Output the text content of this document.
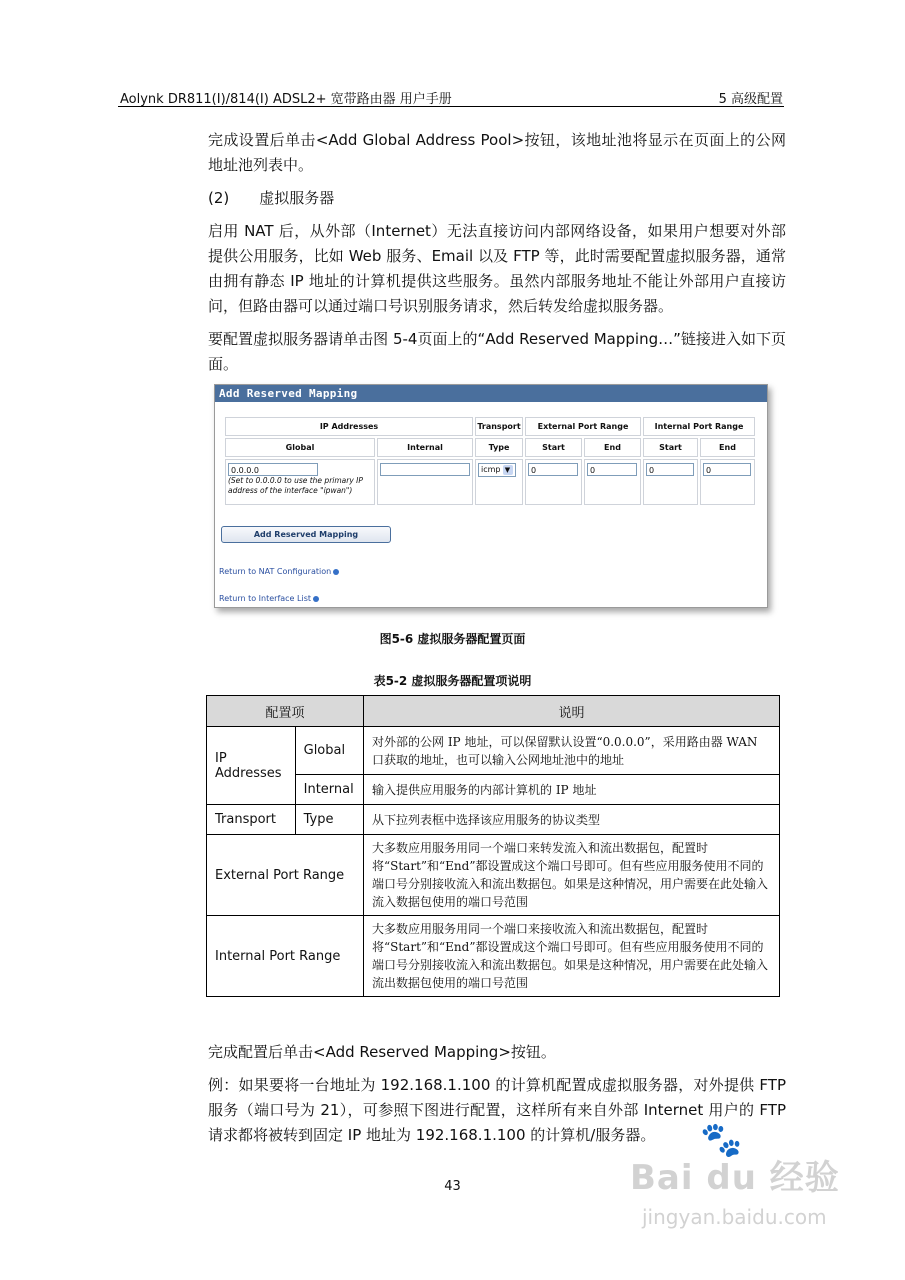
Aolynk DR811(I)/814(I) ADSL2+ 宽带路由器 用户手册	5 高级配置

完成设置后单击<Add Global Address Pool>按钮，该地址池将显示在页面上的公网地址池列表中。

(2)　　虚拟服务器

启用 NAT 后，从外部（Internet）无法直接访问内部网络设备，如果用户想要对外部提供公用服务，比如 Web 服务、Email 以及 FTP 等，此时需要配置虚拟服务器，通常由拥有静态 IP 地址的计算机提供这些服务。虽然内部服务地址不能让外部用户直接访问，但路由器可以通过端口号识别服务请求，然后转发给虚拟服务器。

要配置虚拟服务器请单击图 5-4页面上的“Add Reserved Mapping…”链接进入如下页面。

Add Reserved Mapping
IP Addresses		Transport	External Port Range		Internal Port Range	
Global	Internal	Type	Start	End	Start	End

0.0.0.0
(Set to 0.0.0.0 to use the primary IP address of the interface "ipwan")		icmp ▼	0	0	0	0
Add Reserved Mapping
Return to NAT Configuration
Return to Interface List
图5-6 虚拟服务器配置页面
表5-2 虚拟服务器配置项说明
配置项		说明
IP Addresses	Global	对外部的公网 IP 地址，可以保留默认设置“0.0.0.0”，采用路由器 WAN 口获取的地址，也可以输入公网地址池中的地址
	Internal	输入提供应用服务的内部计算机的 IP 地址
Transport	Type	从下拉列表框中选择该应用服务的协议类型
External Port Range		大多数应用服务用同一个端口来转发流入和流出数据包，配置时将“Start”和“End”都设置成这个端口号即可。但有些应用服务使用不同的端口号分别接收流入和流出数据包。如果是这种情况，用户需要在此处输入流入数据包使用的端口号范围
Internal Port Range		大多数应用服务用同一个端口来接收流入和流出数据包，配置时将“Start”和“End”都设置成这个端口号即可。但有些应用服务使用不同的端口号分别接收流入和流出数据包。如果是这种情况，用户需要在此处输入流出数据包使用的端口号范围

完成配置后单击<Add Reserved Mapping>按钮。

例：如果要将一台地址为 192.168.1.100 的计算机配置成虚拟服务器，对外提供 FTP 服务（端口号为 21），可参照下图进行配置，这样所有来自外部 Internet 用户的 FTP 请求都将被转到固定 IP 地址为 192.168.1.100 的计算机/服务器。

43
🐾
Bai du 经验
jingyan.baidu.com
